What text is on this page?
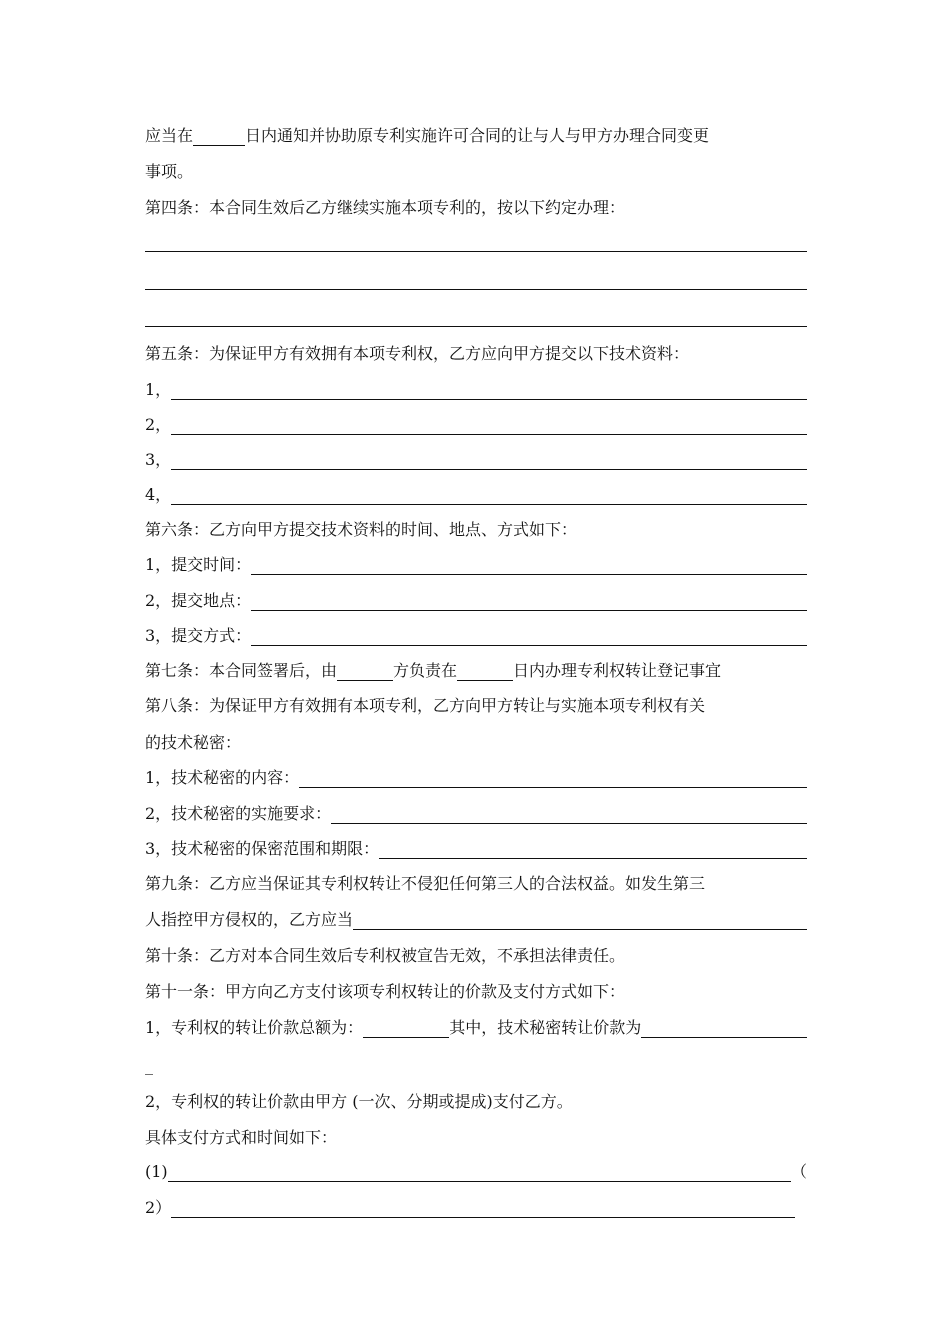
应当在	日内通知并协助原专利实施许可合同的让与人与甲方办理合同变更
事项。
第四条：本合同生效后乙方继续实施本项专利的，按以下约定办理：
第五条：为保证甲方有效拥有本项专利权，乙方应向甲方提交以下技术资料：
1，
2，
3，
4，
第六条：乙方向甲方提交技术资料的时间、地点、方式如下：
1，提交时间：
2，提交地点：
3，提交方式：
第七条：本合同签署后，由	方负责在	日内办理专利权转让登记事宜
第八条：为保证甲方有效拥有本项专利，乙方向甲方转让与实施本项专利权有关
的技术秘密：
1，技术秘密的内容：
2，技术秘密的实施要求：
3，技术秘密的保密范围和期限：
第九条：乙方应当保证其专利权转让不侵犯任何第三人的合法权益。如发生第三
人指控甲方侵权的，乙方应当
第十条：乙方对本合同生效后专利权被宣告无效，不承担法律责任。
第十一条：甲方向乙方支付该项专利权转让的价款及支付方式如下：
1，专利权的转让价款总额为：	其中，技术秘密转让价款为
_
2，专利权的转让价款由甲方 (一次、分期或提成)支付乙方。
具体支付方式和时间如下：
(1)	（
2）
